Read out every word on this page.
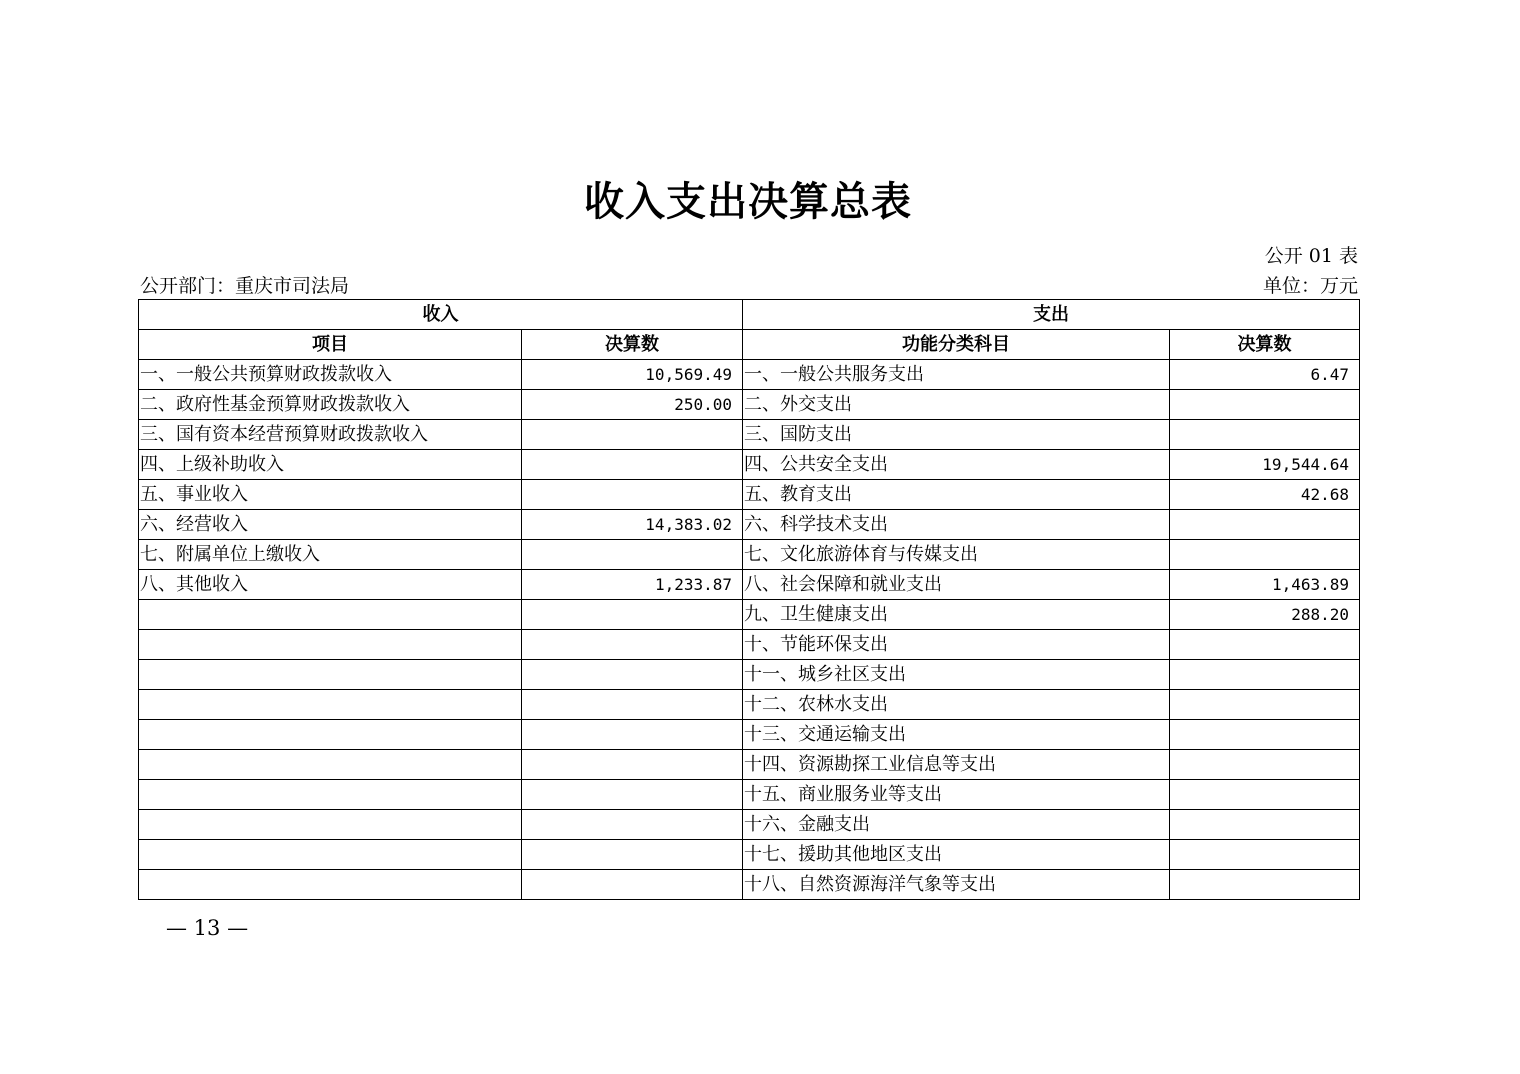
收入支出决算总表
公开 01 表
公开部门：重庆市司法局	单位：万元
收入		支出	
项目	决算数	功能分类科目	决算数
一、一般公共预算财政拨款收入	10,569.49	一、一般公共服务支出	6.47
二、政府性基金预算财政拨款收入	250.00	二、外交支出	
三、国有资本经营预算财政拨款收入		三、国防支出	
四、上级补助收入		四、公共安全支出	19,544.64
五、事业收入		五、教育支出	42.68
六、经营收入	14,383.02	六、科学技术支出	
七、附属单位上缴收入		七、文化旅游体育与传媒支出	
八、其他收入	1,233.87	八、社会保障和就业支出	1,463.89
		九、卫生健康支出	288.20
		十、节能环保支出	
		十一、城乡社区支出	
		十二、农林水支出	
		十三、交通运输支出	
		十四、资源勘探工业信息等支出	
		十五、商业服务业等支出	
		十六、金融支出	
		十七、援助其他地区支出	
		十八、自然资源海洋气象等支出	
— 13 —
